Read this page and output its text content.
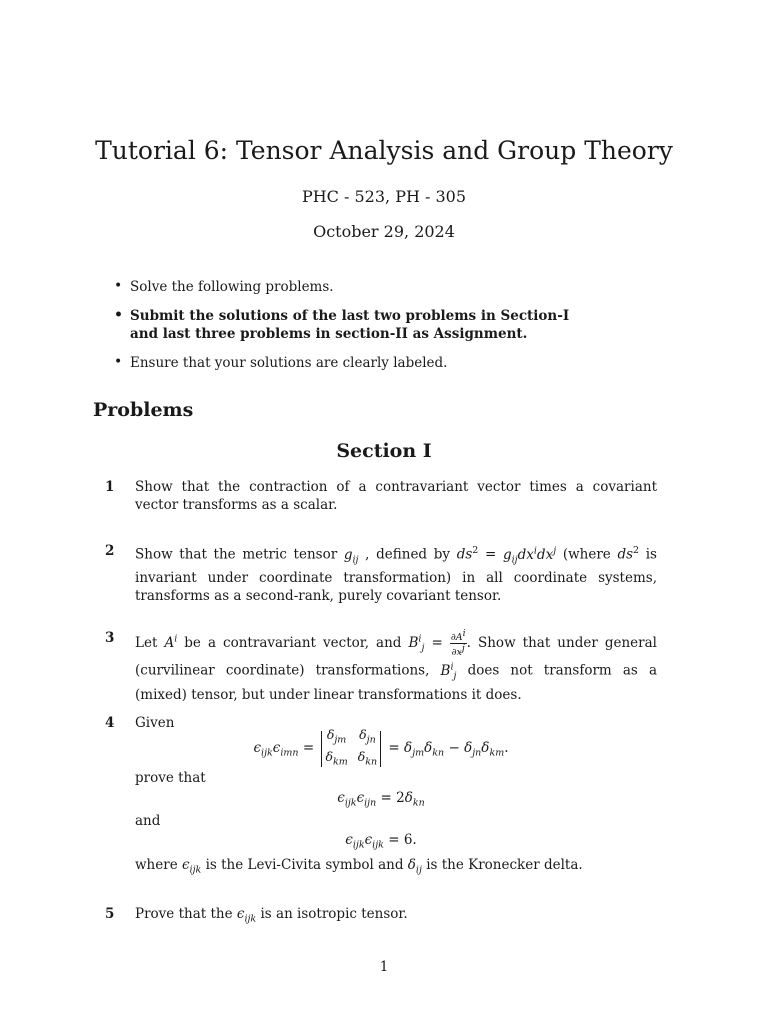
Tutorial 6: Tensor Analysis and Group Theory
PHC - 523, PH - 305
October 29, 2024
• Solve the following problems.
• Submit the solutions of the last two problems in Section-I and last three problems in section-II as Assignment.
• Ensure that your solutions are clearly labeled.
Problems
Section I
1 Show that the contraction of a contravariant vector times a covariant vector transforms as a scalar.
2 Show that the metric tensor $g_{ij}$ , defined by $ds^2 = g_{ij}dx^idx^j$ (where $ds^2$ is invariant under coordinate transformation) in all coordinate systems, transforms as a second-rank, purely covariant tensor.
3 Let $A^i$ be a contravariant vector, and $B^i_j = \frac{\partial A^i}{\partial x^j}$ . Show that under general (curvilinear coordinate) transformations, $B^i_j$ does not transform as a (mixed) tensor, but under linear transformations it does.
4 Given
$\epsilon_{ijk}\epsilon_{imn}$ =
$\delta_{jm}$ $\delta_{jn}$
$\delta_{km}$ $\delta_{kn}$
= $\delta_{jm}\delta_{kn} - \delta_{jn}\delta_{km}$.
prove that
$\epsilon_{ijk}\epsilon_{ijn} = 2\delta_{kn}$
and
$\epsilon_{ijk}\epsilon_{ijk} = 6$.
where $\epsilon_{ijk}$ is the Levi-Civita symbol and $\delta_{ij}$ is the Kronecker delta.
5 Prove that the $\epsilon_{ijk}$ is an isotropic tensor.
1
